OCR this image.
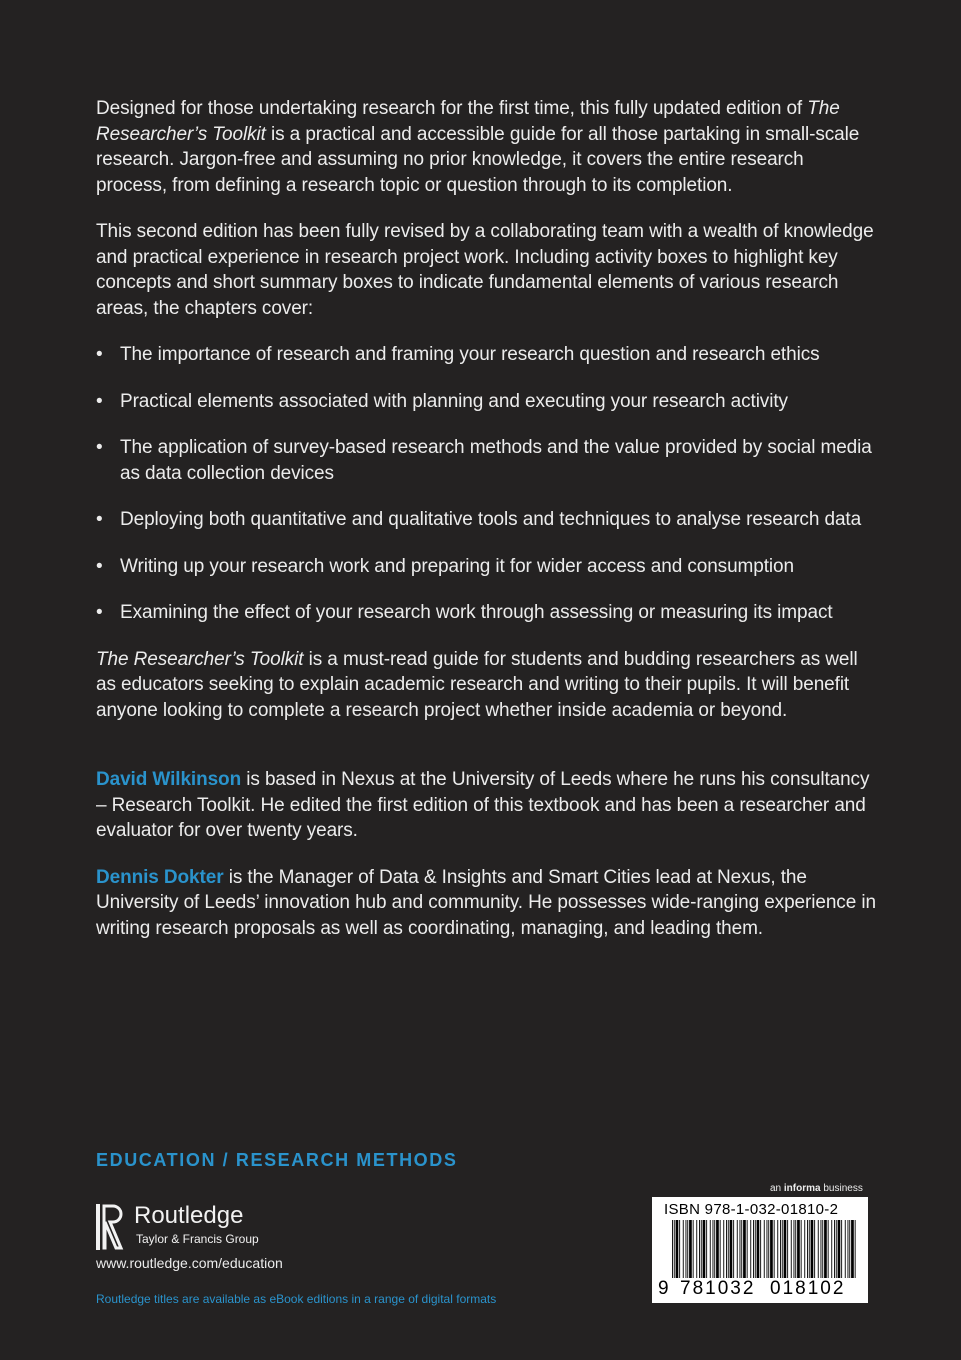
Designed for those undertaking research for the first time, this fully updated edition of The Researcher’s Toolkit is a practical and accessible guide for all those partaking in small-scale research. Jargon-free and assuming no prior knowledge, it covers the entire research process, from defining a research topic or question through to its completion.

This second edition has been fully revised by a collaborating team with a wealth of knowledge and practical experience in research project work. Including activity boxes to highlight key concepts and short summary boxes to indicate fundamental elements of various research areas, the chapters cover:

• The importance of research and framing your research question and research ethics
• Practical elements associated with planning and executing your research activity
• The application of survey-based research methods and the value provided by social media as data collection devices
• Deploying both quantitative and qualitative tools and techniques to analyse research data
• Writing up your research work and preparing it for wider access and consumption
• Examining the effect of your research work through assessing or measuring its impact

The Researcher’s Toolkit is a must-read guide for students and budding researchers as well as educators seeking to explain academic research and writing to their pupils. It will benefit anyone looking to complete a research project whether inside academia or beyond.

David Wilkinson is based in Nexus at the University of Leeds where he runs his consultancy – Research Toolkit. He edited the first edition of this textbook and has been a researcher and evaluator for over twenty years.

Dennis Dokter is the Manager of Data & Insights and Smart Cities lead at Nexus, the University of Leeds’ innovation hub and community. He possesses wide-ranging experience in writing research proposals as well as coordinating, managing, and leading them.

EDUCATION / RESEARCH METHODS
Routledge
Taylor & Francis Group
www.routledge.com/education
Routledge titles are available as eBook editions in a range of digital formats
an informa business
ISBN 978-1-032-01810-2
9 781032 018102
